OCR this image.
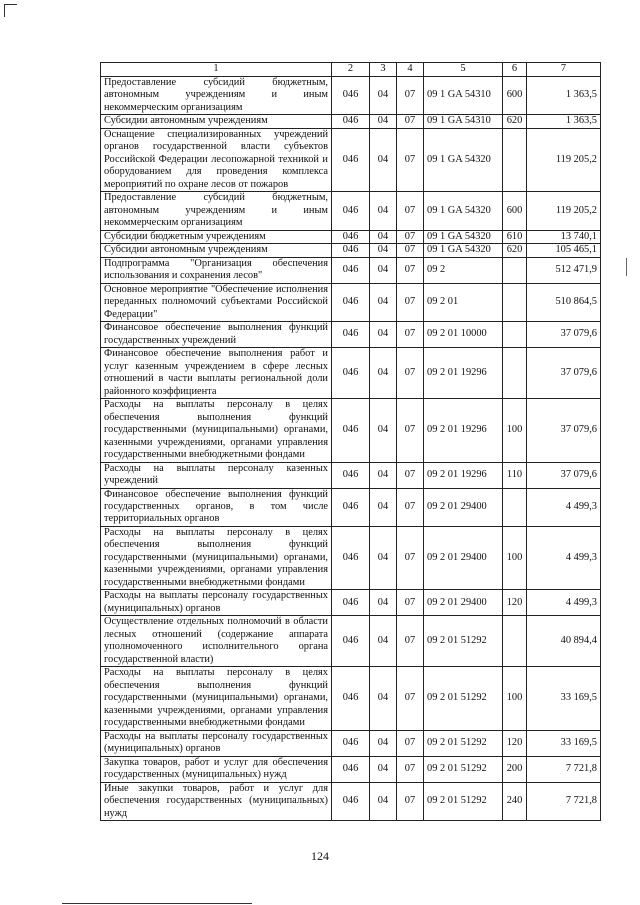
1	2	3	4	5	6	7
Предоставление субсидий бюджетным, автономным учреждениям и иным некоммерческим организациям	046	04	07	09 1 GA 54310	600	1 363,5
Субсидии автономным учреждениям	046	04	07	09 1 GA 54310	620	1 363,5
Оснащение специализированных учреждений органов государственной власти субъектов Российской Федерации лесопожарной техникой и оборудованием для проведения комплекса мероприятий по охране лесов от пожаров	046	04	07	09 1 GA 54320		119 205,2
Предоставление субсидий бюджетным, автономным учреждениям и иным некоммерческим организациям	046	04	07	09 1 GA 54320	600	119 205,2
Субсидии бюджетным учреждениям	046	04	07	09 1 GA 54320	610	13 740,1
Субсидии автономным учреждениям	046	04	07	09 1 GA 54320	620	105 465,1
Подпрограмма "Организация обеспечения использования и сохранения лесов"	046	04	07	09 2		512 471,9
Основное мероприятие "Обеспечение исполнения переданных полномочий субъектами Российской Федерации"	046	04	07	09 2 01		510 864,5
Финансовое обеспечение выполнения функций государственных учреждений	046	04	07	09 2 01 10000		37 079,6
Финансовое обеспечение выполнения работ и услуг казенным учреждением в сфере лесных отношений в части выплаты региональной доли районного коэффициента	046	04	07	09 2 01 19296		37 079,6
Расходы на выплаты персоналу в целях обеспечения выполнения функций государственными (муниципальными) органами, казенными учреждениями, органами управления государственными внебюджетными фондами	046	04	07	09 2 01 19296	100	37 079,6
Расходы на выплаты персоналу казенных учреждений	046	04	07	09 2 01 19296	110	37 079,6
Финансовое обеспечение выполнения функций государственных органов, в том числе территориальных органов	046	04	07	09 2 01 29400		4 499,3
Расходы на выплаты персоналу в целях обеспечения выполнения функций государственными (муниципальными) органами, казенными учреждениями, органами управления государственными внебюджетными фондами	046	04	07	09 2 01 29400	100	4 499,3
Расходы на выплаты персоналу государственных (муниципальных) органов	046	04	07	09 2 01 29400	120	4 499,3
Осуществление отдельных полномочий в области лесных отношений (содержание аппарата уполномоченного исполнительного органа государственной власти)	046	04	07	09 2 01 51292		40 894,4
Расходы на выплаты персоналу в целях обеспечения выполнения функций государственными (муниципальными) органами, казенными учреждениями, органами управления государственными внебюджетными фондами	046	04	07	09 2 01 51292	100	33 169,5
Расходы на выплаты персоналу государственных (муниципальных) органов	046	04	07	09 2 01 51292	120	33 169,5
Закупка товаров, работ и услуг для обеспечения государственных (муниципальных) нужд	046	04	07	09 2 01 51292	200	7 721,8
Иные закупки товаров, работ и услуг для обеспечения государственных (муниципальных) нужд	046	04	07	09 2 01 51292	240	7 721,8
124
